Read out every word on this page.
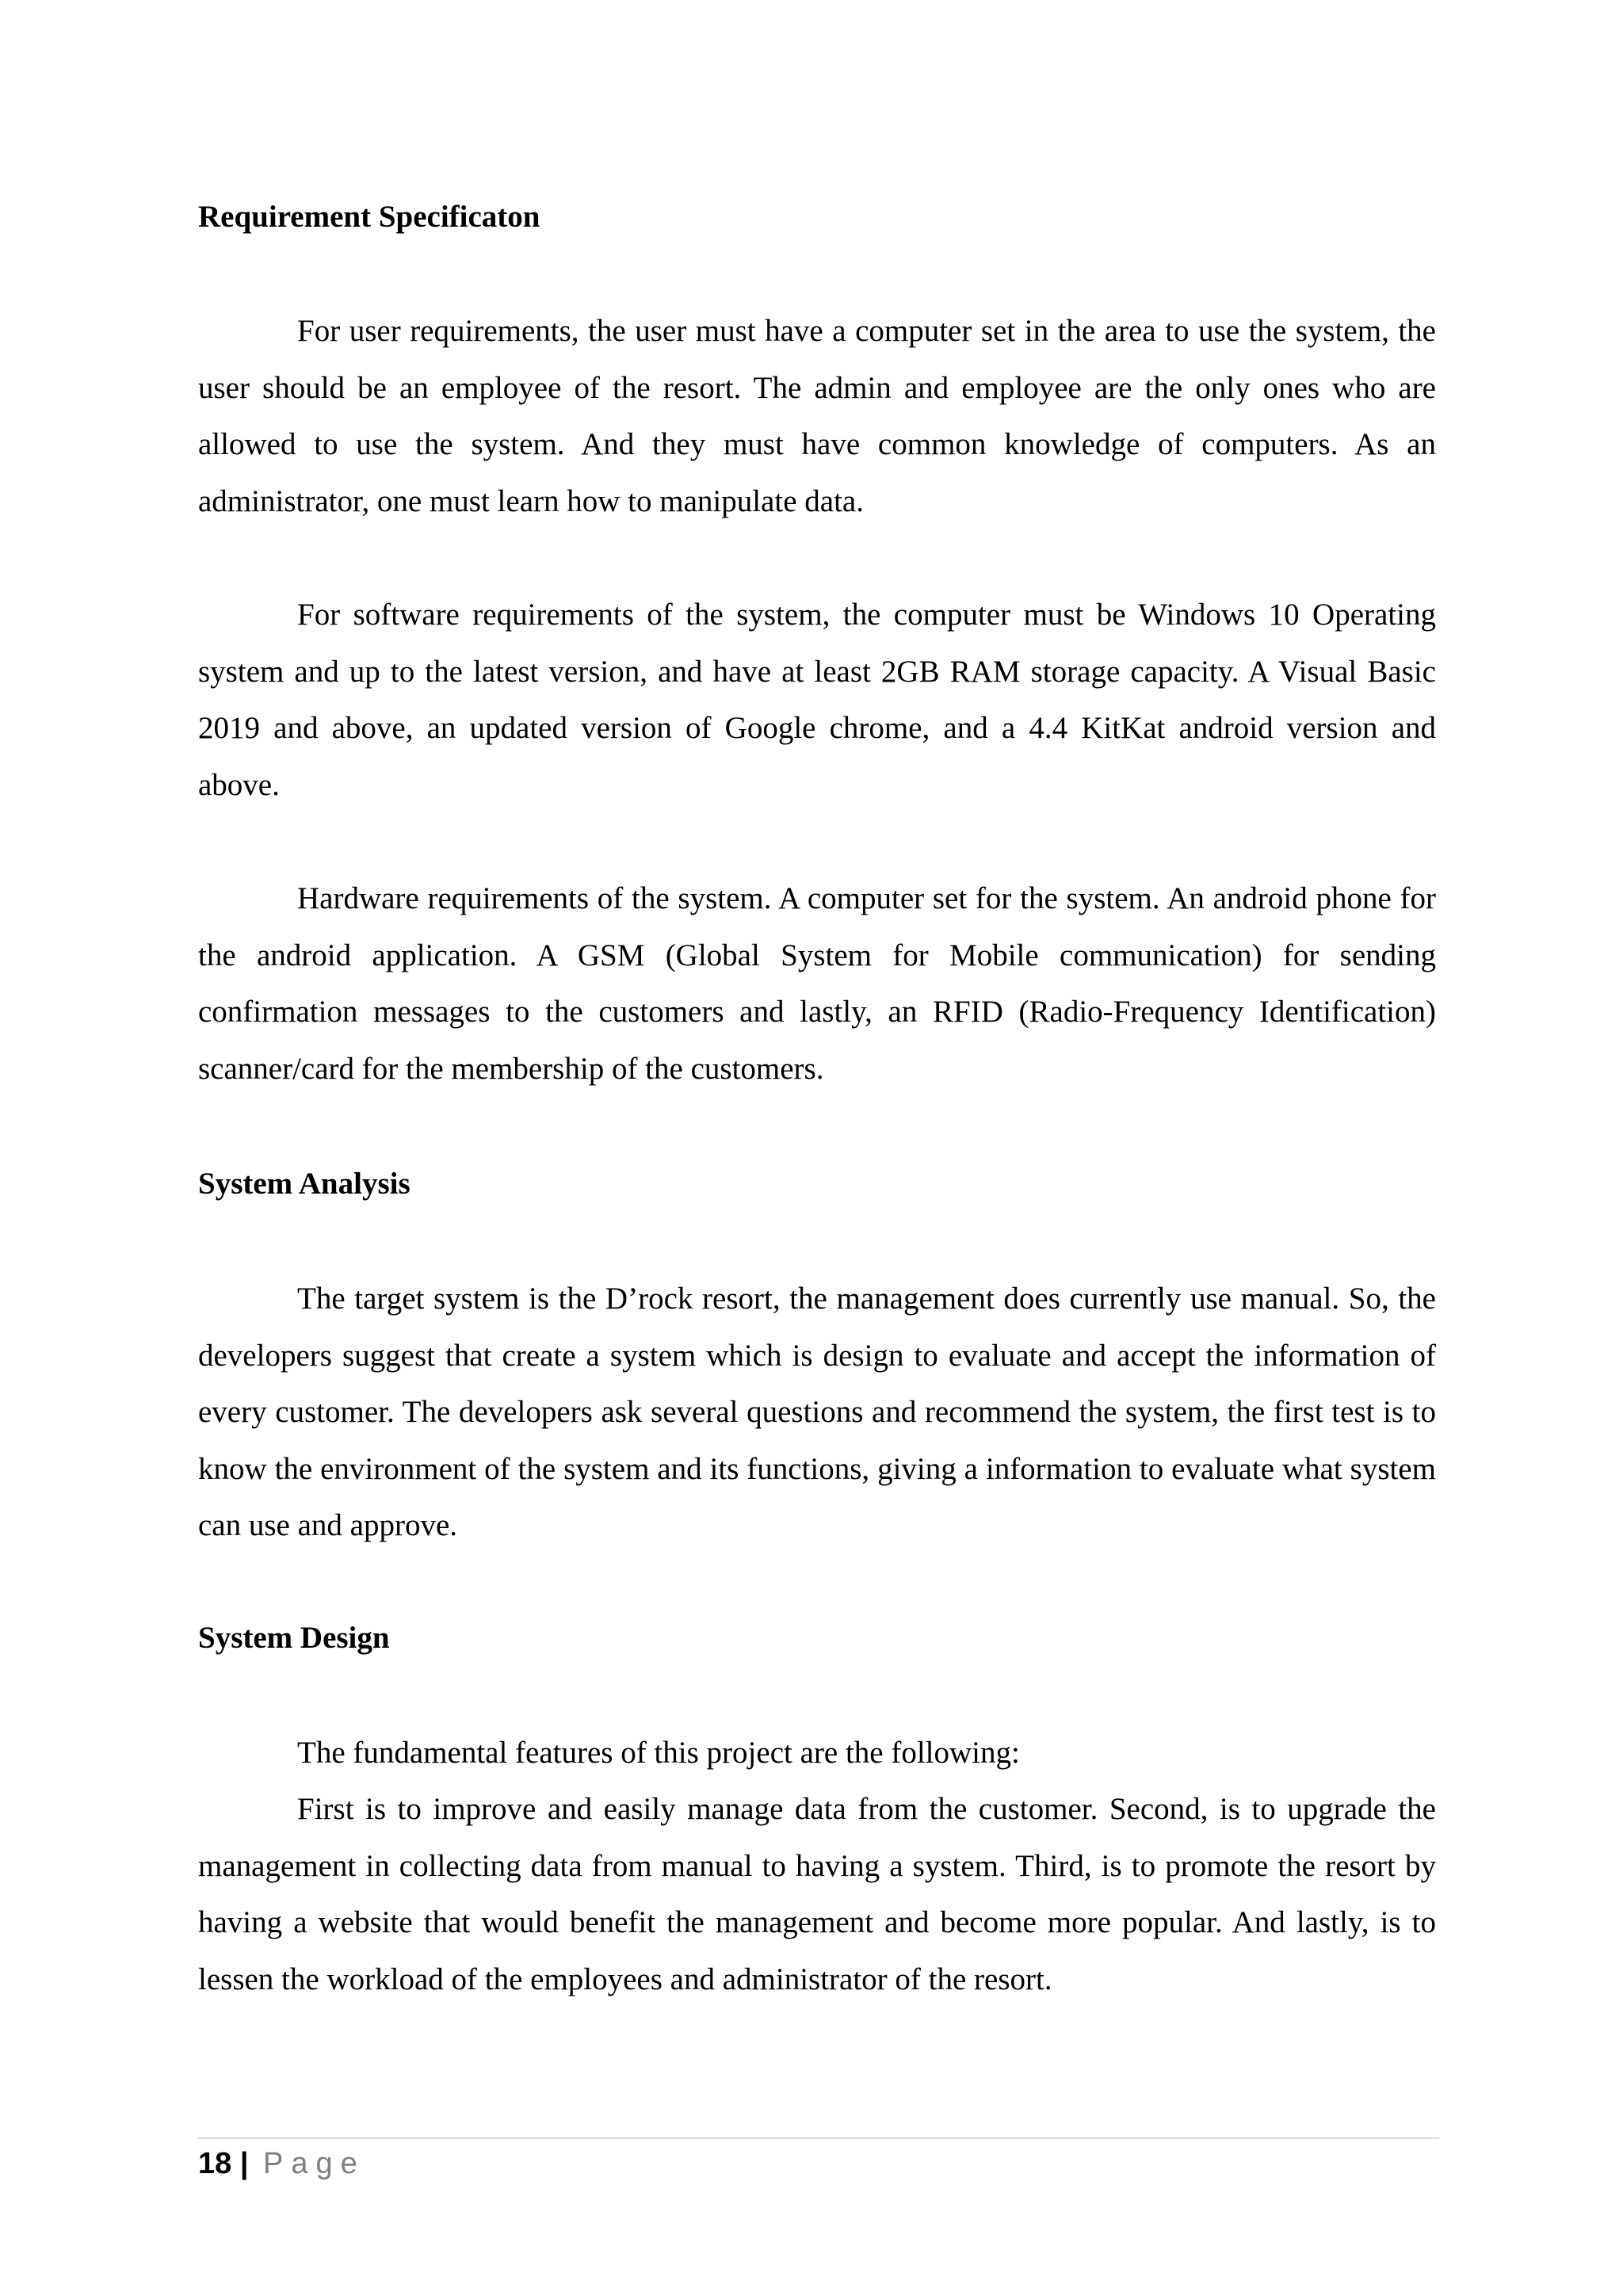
Requirement Specificaton

For user requirements, the user must have a computer set in the area to use the system, the user should be an employee of the resort. The admin and employee are the only ones who are allowed to use the system. And they must have common knowledge of computers. As an administrator, one must learn how to manipulate data.

For software requirements of the system, the computer must be Windows 10 Operating system and up to the latest version, and have at least 2GB RAM storage capacity. A Visual Basic 2019 and above, an updated version of Google chrome, and a 4.4 KitKat android version and above.

Hardware requirements of the system. A computer set for the system. An android phone for the android application. A GSM (Global System for Mobile communication) for sending confirmation messages to the customers and lastly, an RFID (Radio-Frequency Identification) scanner/card for the membership of the customers.

System Analysis

The target system is the D’rock resort, the management does currently use manual. So, the developers suggest that create a system which is design to evaluate and accept the information of every customer. The developers ask several questions and recommend the system, the first test is to know the environment of the system and its functions, giving a information to evaluate what system can use and approve.

System Design

The fundamental features of this project are the following:

First is to improve and easily manage data from the customer. Second, is to upgrade the management in collecting data from manual to having a system. Third, is to promote the resort by having a website that would benefit the management and become more popular. And lastly, is to lessen the workload of the employees and administrator of the resort.

18 | Page
